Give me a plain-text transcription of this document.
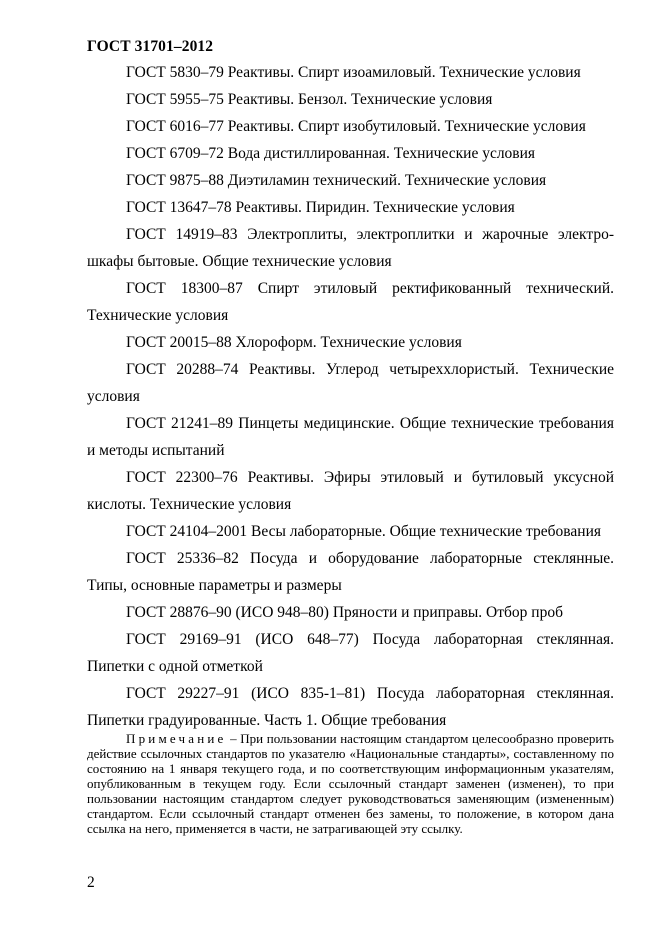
ГОСТ 31701–2012

ГОСТ 5830–79 Реактивы. Спирт изоамиловый. Технические условия

ГОСТ 5955–75 Реактивы. Бензол. Технические условия

ГОСТ 6016–77 Реактивы. Спирт изобутиловый. Технические условия

ГОСТ 6709–72 Вода дистиллированная. Технические условия

ГОСТ 9875–88 Диэтиламин технический. Технические условия

ГОСТ 13647–78 Реактивы. Пиридин. Технические условия

ГОСТ 14919–83 Электроплиты, электроплитки и жарочные электро-шкафы бытовые. Общие технические условия

ГОСТ 18300–87 Спирт этиловый ректификованный технический. Технические условия

ГОСТ 20015–88 Хлороформ. Технические условия

ГОСТ 20288–74 Реактивы. Углерод четыреххлористый. Технические условия

ГОСТ 21241–89 Пинцеты медицинские. Общие технические требования и методы испытаний

ГОСТ 22300–76 Реактивы. Эфиры этиловый и бутиловый уксусной кислоты. Технические условия

ГОСТ 24104–2001 Весы лабораторные. Общие технические требования

ГОСТ 25336–82 Посуда и оборудование лабораторные стеклянные. Типы, основные параметры и размеры

ГОСТ 28876–90 (ИСО 948–80) Пряности и приправы. Отбор проб

ГОСТ 29169–91 (ИСО 648–77) Посуда лабораторная стеклянная. Пипетки с одной отметкой

ГОСТ 29227–91 (ИСО 835-1–81) Посуда лабораторная стеклянная. Пипетки градуированные. Часть 1. Общие требования

Примечание – При пользовании настоящим стандартом целесообразно проверить действие ссылочных стандартов по указателю «Национальные стандарты», составленному по состоянию на 1 января текущего года, и по соответствующим информационным указателям, опубликованным в текущем году. Если ссылочный стандарт заменен (изменен), то при пользовании настоящим стандартом следует руководствоваться заменяющим (измененным) стандартом. Если ссылочный стандарт отменен без замены, то положение, в котором дана ссылка на него, применяется в части, не затрагивающей эту ссылку.

2
